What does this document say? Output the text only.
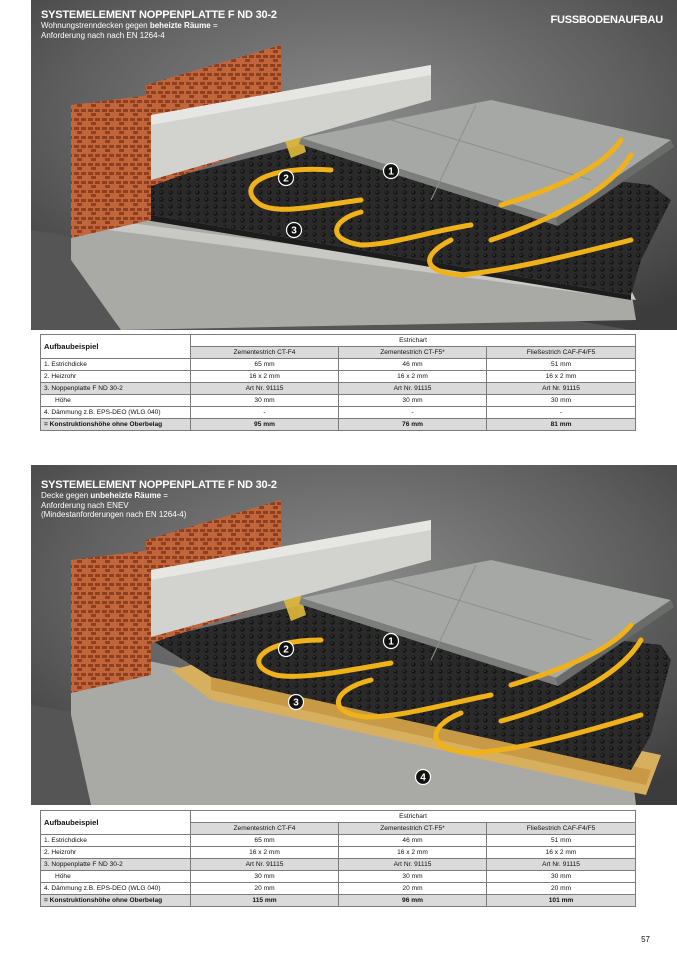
1
2
3
SYSTEMELEMENT NOPPENPLATTE F ND 30-2
Wohnungstrenndecken gegen beheizte Räume =
Anforderung nach nach EN 1264-4
FUSSBODENAUFBAU
Aufbaubeispiel	Estrichart		
	Zementestrich CT-F4	Zementestrich CT-F5*	Fließestrich CAF-F4/F5
1. Estrichdicke	65 mm	46 mm	51 mm
2. Heizrohr	16 x 2 mm	16 x 2 mm	16 x 2 mm
3. Noppenplatte F ND 30-2	Art Nr. 91115	Art Nr. 91115	Art Nr. 91115
Höhe	30 mm	30 mm	30 mm
4. Dämmung z.B. EPS-DEO (WLG 040)	-	-	-
= Konstruktionshöhe ohne Oberbelag	95 mm	76 mm	81 mm
1
2
3
4
SYSTEMELEMENT NOPPENPLATTE F ND 30-2
Decke gegen unbeheizte Räume =
Anforderung nach ENEV
(Mindestanforderungen nach EN 1264-4)
Aufbaubeispiel	Estrichart		
	Zementestrich CT-F4	Zementestrich CT-F5*	Fließestrich CAF-F4/F5
1. Estrichdicke	65 mm	46 mm	51 mm
2. Heizrohr	16 x 2 mm	16 x 2 mm	16 x 2 mm
3. Noppenplatte F ND 30-2	Art Nr. 91115	Art Nr. 91115	Art Nr. 91115
Höhe	30 mm	30 mm	30 mm
4. Dämmung z.B. EPS-DEO (WLG 040)	20 mm	20 mm	20 mm
= Konstruktionshöhe ohne Oberbelag	115 mm	96 mm	101 mm
57
